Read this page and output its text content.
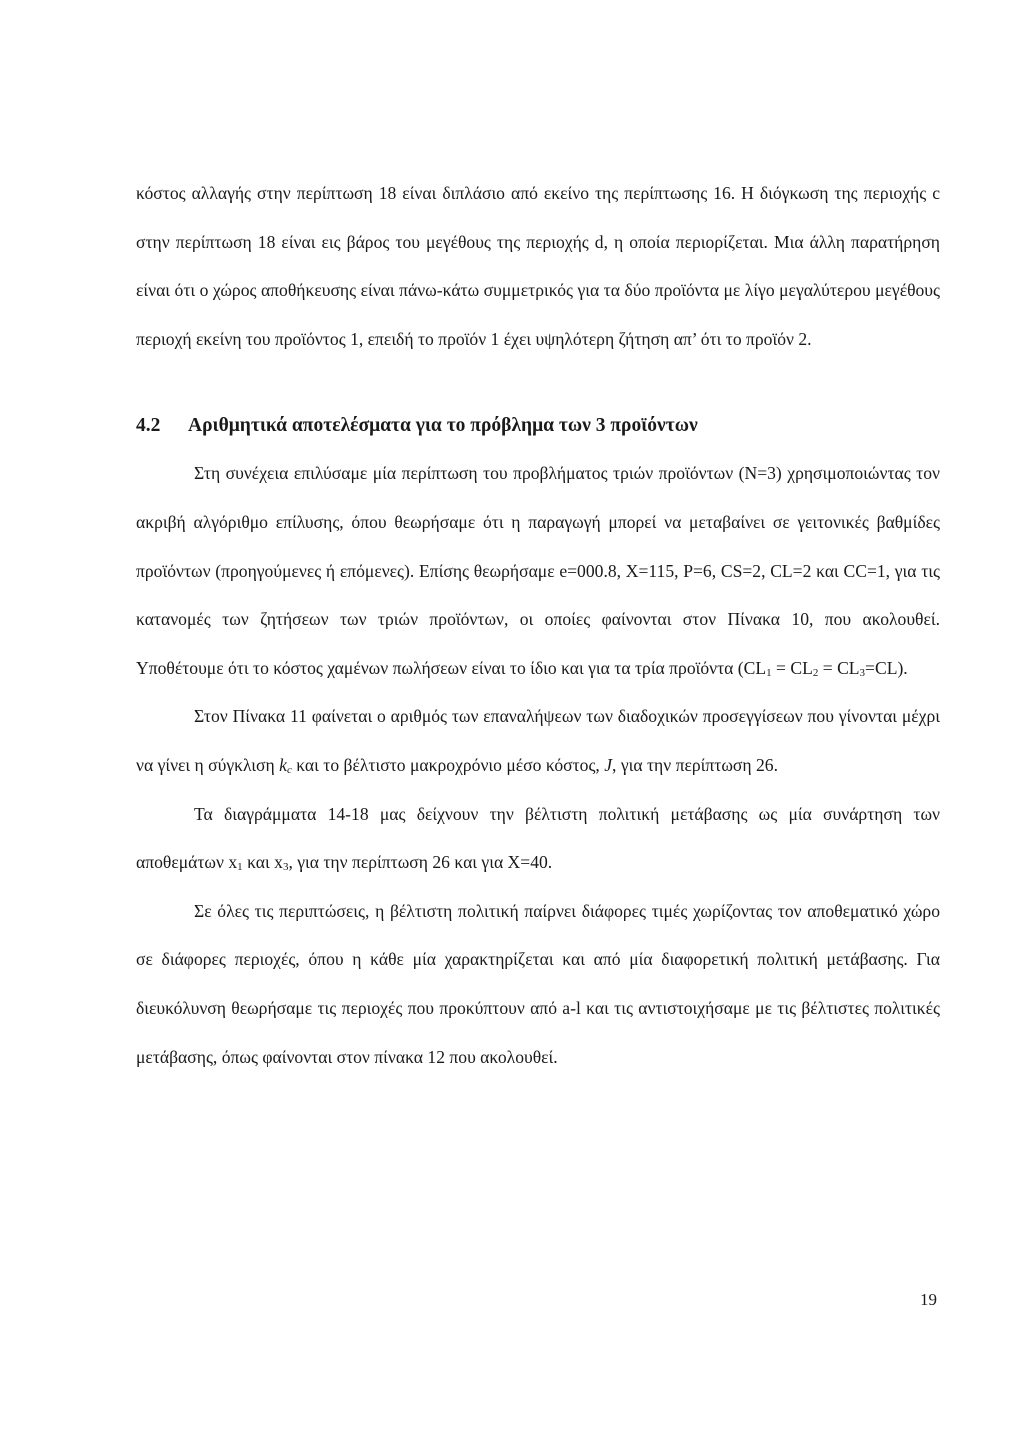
κόστος αλλαγής στην περίπτωση 18 είναι διπλάσιο από εκείνο της περίπτωσης 16. Η διόγκωση της περιοχής c στην περίπτωση 18 είναι εις βάρος του μεγέθους της περιοχής d, η οποία περιορίζεται. Μια άλλη παρατήρηση είναι ότι ο χώρος αποθήκευσης είναι πάνω-κάτω συμμετρικός για τα δύο προϊόντα με λίγο μεγαλύτερου μεγέθους περιοχή εκείνη του προϊόντος 1, επειδή το προϊόν 1 έχει υψηλότερη ζήτηση απ’ ότι το προϊόν 2.

4.2 Αριθμητικά αποτελέσματα για το πρόβλημα των 3 προϊόντων

Στη συνέχεια επιλύσαμε μία περίπτωση του προβλήματος τριών προϊόντων (N=3) χρησιμοποιώντας τον ακριβή αλγόριθμο επίλυσης, όπου θεωρήσαμε ότι η παραγωγή μπορεί να μεταβαίνει σε γειτονικές βαθμίδες προϊόντων (προηγούμενες ή επόμενες). Επίσης θεωρήσαμε e=000.8, X=115, P=6, CS=2, CL=2 και CC=1, για τις κατανομές των ζητήσεων των τριών προϊόντων, οι οποίες φαίνονται στον Πίνακα 10, που ακολουθεί. Υποθέτουμε ότι το κόστος χαμένων πωλήσεων είναι το ίδιο και για τα τρία προϊόντα $(CL_1 = CL_2 = CL_3=CL)$.

Στον Πίνακα 11 φαίνεται ο αριθμός των επαναλήψεων των διαδοχικών προσεγγίσεων που γίνονται μέχρι να γίνει η σύγκλιση $k_c$ και το βέλτιστο μακροχρόνιο μέσο κόστος, J, για την περίπτωση 26.

Τα διαγράμματα 14-18 μας δείχνουν την βέλτιστη πολιτική μετάβασης ως μία συνάρτηση των αποθεμάτων $x_1$ και $x_3$, για την περίπτωση 26 και για X=40.

Σε όλες τις περιπτώσεις, η βέλτιστη πολιτική παίρνει διάφορες τιμές χωρίζοντας τον αποθεματικό χώρο σε διάφορες περιοχές, όπου η κάθε μία χαρακτηρίζεται και από μία διαφορετική πολιτική μετάβασης. Για διευκόλυνση θεωρήσαμε τις περιοχές που προκύπτουν από a-l και τις αντιστοιχήσαμε με τις βέλτιστες πολιτικές μετάβασης, όπως φαίνονται στον πίνακα 12 που ακολουθεί.

19
